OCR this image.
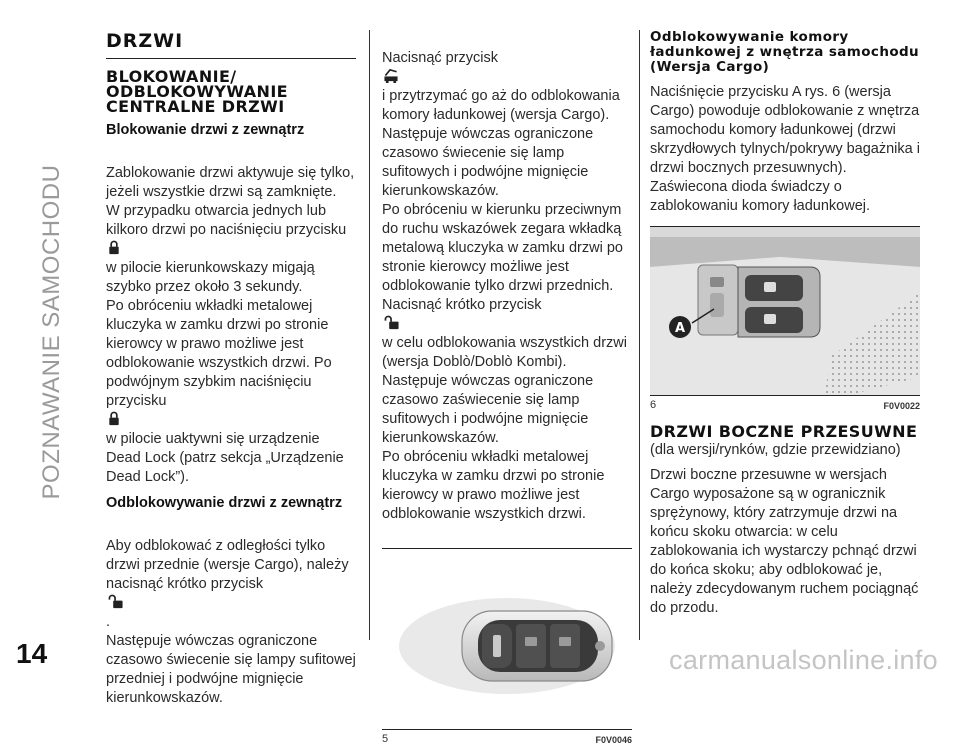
POZNAWANIE SAMOCHODU
14	carmanualsonline.info
DRZWI
BLOKOWANIE/ ODBLOKOWYWANIE CENTRALNE DRZWI
Blokowanie drzwi z zewnątrz

Zablokowanie drzwi aktywuje się tylko, jeżeli wszystkie drzwi są zamknięte.
W przypadku otwarcia jednych lub kilkoro drzwi po naciśnięciu przycisku

w pilocie kierunkowskazy migają szybko przez około 3 sekundy.
Po obróceniu wkładki metalowej kluczyka w zamku drzwi po stronie kierowcy w prawo możliwe jest odblokowanie wszystkich drzwi. Po podwójnym szybkim naciśnięciu przycisku

w pilocie uaktywni się urządzenie Dead Lock (patrz sekcja „Urządzenie Dead Lock”).

Odblokowywanie drzwi z zewnątrz

Aby odblokować z odległości tylko drzwi przednie (wersje Cargo), należy nacisnąć krótko przycisk

.
Następuje wówczas ograniczone czasowo świecenie się lampy sufitowej przedniej i podwójne mignięcie kierunkowskazów.

Nacisnąć przycisk

i przytrzymać go aż do odblokowania komory ładunkowej (wersja Cargo). Następuje wówczas ograniczone czasowo świecenie się lamp sufitowych i podwójne mignięcie kierunkowskazów.
Po obróceniu w kierunku przeciwnym do ruchu wskazówek zegara wkładką metalową kluczyka w zamku drzwi po stronie kierowcy możliwe jest odblokowanie tylko drzwi przednich. Nacisnąć krótko przycisk

w celu odblokowania wszystkich drzwi (wersja Doblò/Doblò Kombi). Następuje wówczas ograniczone czasowo zaświecenie się lamp sufitowych i podwójne mignięcie kierunkowskazów.
Po obróceniu wkładki metalowej kluczyka w zamku drzwi po stronie kierowcy w prawo możliwe jest odblokowanie wszystkich drzwi.

5	F0V0046
Odblokowywanie komory ładunkowej z wnętrza samochodu (Wersja Cargo)

Naciśnięcie przycisku A rys. 6 (wersja Cargo) powoduje odblokowanie z wnętrza samochodu komory ładunkowej (drzwi skrzydłowych tylnych/pokrywy bagażnika i drzwi bocznych przesuwnych). Zaświecona dioda świadczy o zablokowaniu komory ładunkowej.

A
6	F0V0022
DRZWI BOCZNE PRZESUWNE

(dla wersji/rynków, gdzie przewidziano)

Drzwi boczne przesuwne w wersjach Cargo wyposażone są w ogranicznik sprężynowy, który zatrzymuje drzwi na końcu skoku otwarcia: w celu zablokowania ich wystarczy pchnąć drzwi do końca skoku; aby odblokować je, należy zdecydowanym ruchem pociągnąć do przodu.
